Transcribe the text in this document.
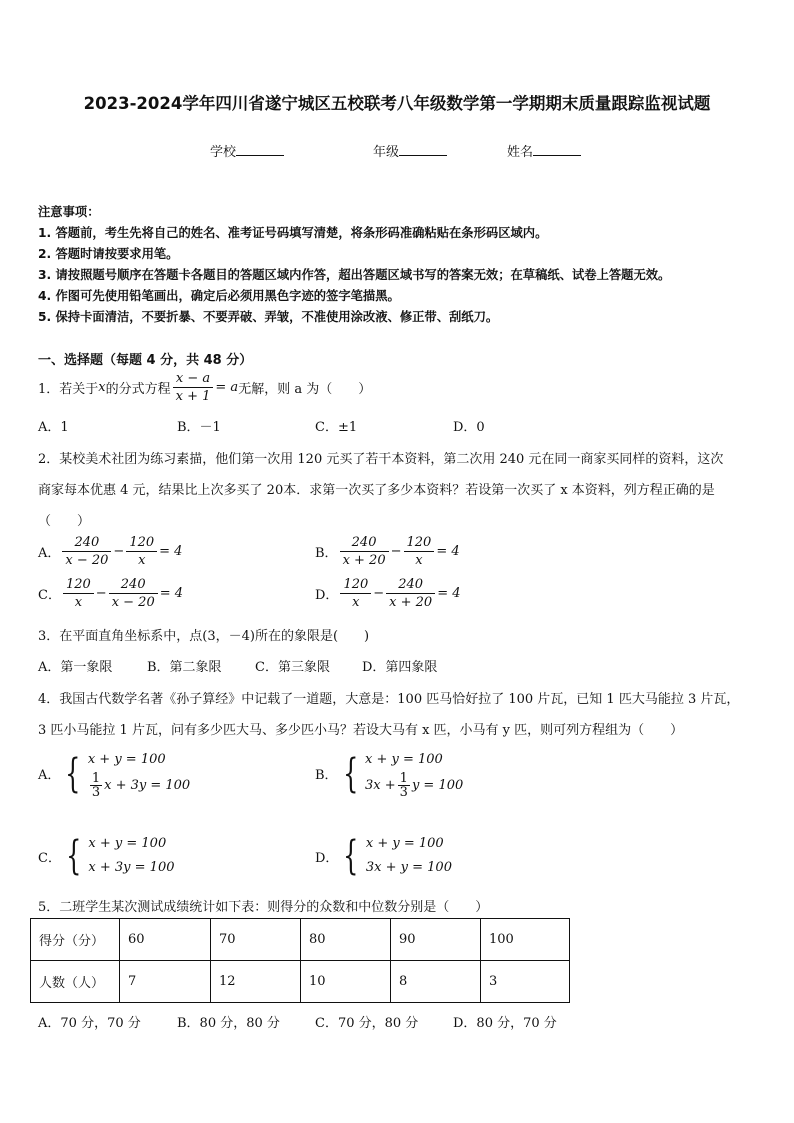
2023-2024学年四川省遂宁城区五校联考八年级数学第一学期期末质量跟踪监视试题
学校	年级	姓名
注意事项：
1. 答题前，考生先将自己的姓名、准考证号码填写清楚，将条形码准确粘贴在条形码区域内。
2. 答题时请按要求用笔。
3. 请按照题号顺序在答题卡各题目的答题区域内作答，超出答题区域书写的答案无效；在草稿纸、试卷上答题无效。
4. 作图可先使用铅笔画出，确定后必须用黑色字迹的签字笔描黑。
5. 保持卡面清洁，不要折暴、不要弄破、弄皱，不准使用涂改液、修正带、刮纸刀。
一、选择题（每题 4 分，共 48 分）
1．若关于 x 的分式方程 $\frac{x - a}{x + 1} = a$ 无解，则 a 为（　　）
A．1	B．－1	C．±1	D．0
2．某校美术社团为练习素描，他们第一次用 120 元买了若干本资料，第二次用 240 元在同一商家买同样的资料，这次
商家每本优惠 4 元，结果比上次多买了 20本．求第一次买了多少本资料？若设第一次买了 x 本资料，列方程正确的是
（　　）
A． $\frac{240}{x - 20} - \frac{120}{x} = 4$	B． $\frac{240}{x + 20} - \frac{120}{x} = 4$
C． $\frac{120}{x} - \frac{240}{x - 20} = 4$	D． $\frac{120}{x} - \frac{240}{x + 20} = 4$
3．在平面直角坐标系中，点(3，－4)所在的象限是(　　)
A．第一象限	B．第二象限	C．第三象限 D．第四象限
4．我国古代数学名著《孙子算经》中记载了一道题，大意是：100 匹马恰好拉了 100 片瓦，已知 1 匹大马能拉 3 片瓦，
3 匹小马能拉 1 片瓦，问有多少匹大马、多少匹小马？若设大马有 x 匹，小马有 y 匹，则可列方程组为（　　）
A． { x + y = 100
$\frac{1}{3}$ x + 3y = 100
B． { x + y = 100
$3x + \frac{1}{3}$ y = 100
C． { x + y = 100
x + 3y = 100
D． { x + y = 100
3x + y = 100
5．二班学生某次测试成绩统计如下表：则得分的众数和中位数分别是（　　）
得分（分）	60	70	80	90	100
人数（人）	7	12	10	8	3
A．70 分，70 分	B．80 分，80 分	C．70 分，80 分	D．80 分，70 分
